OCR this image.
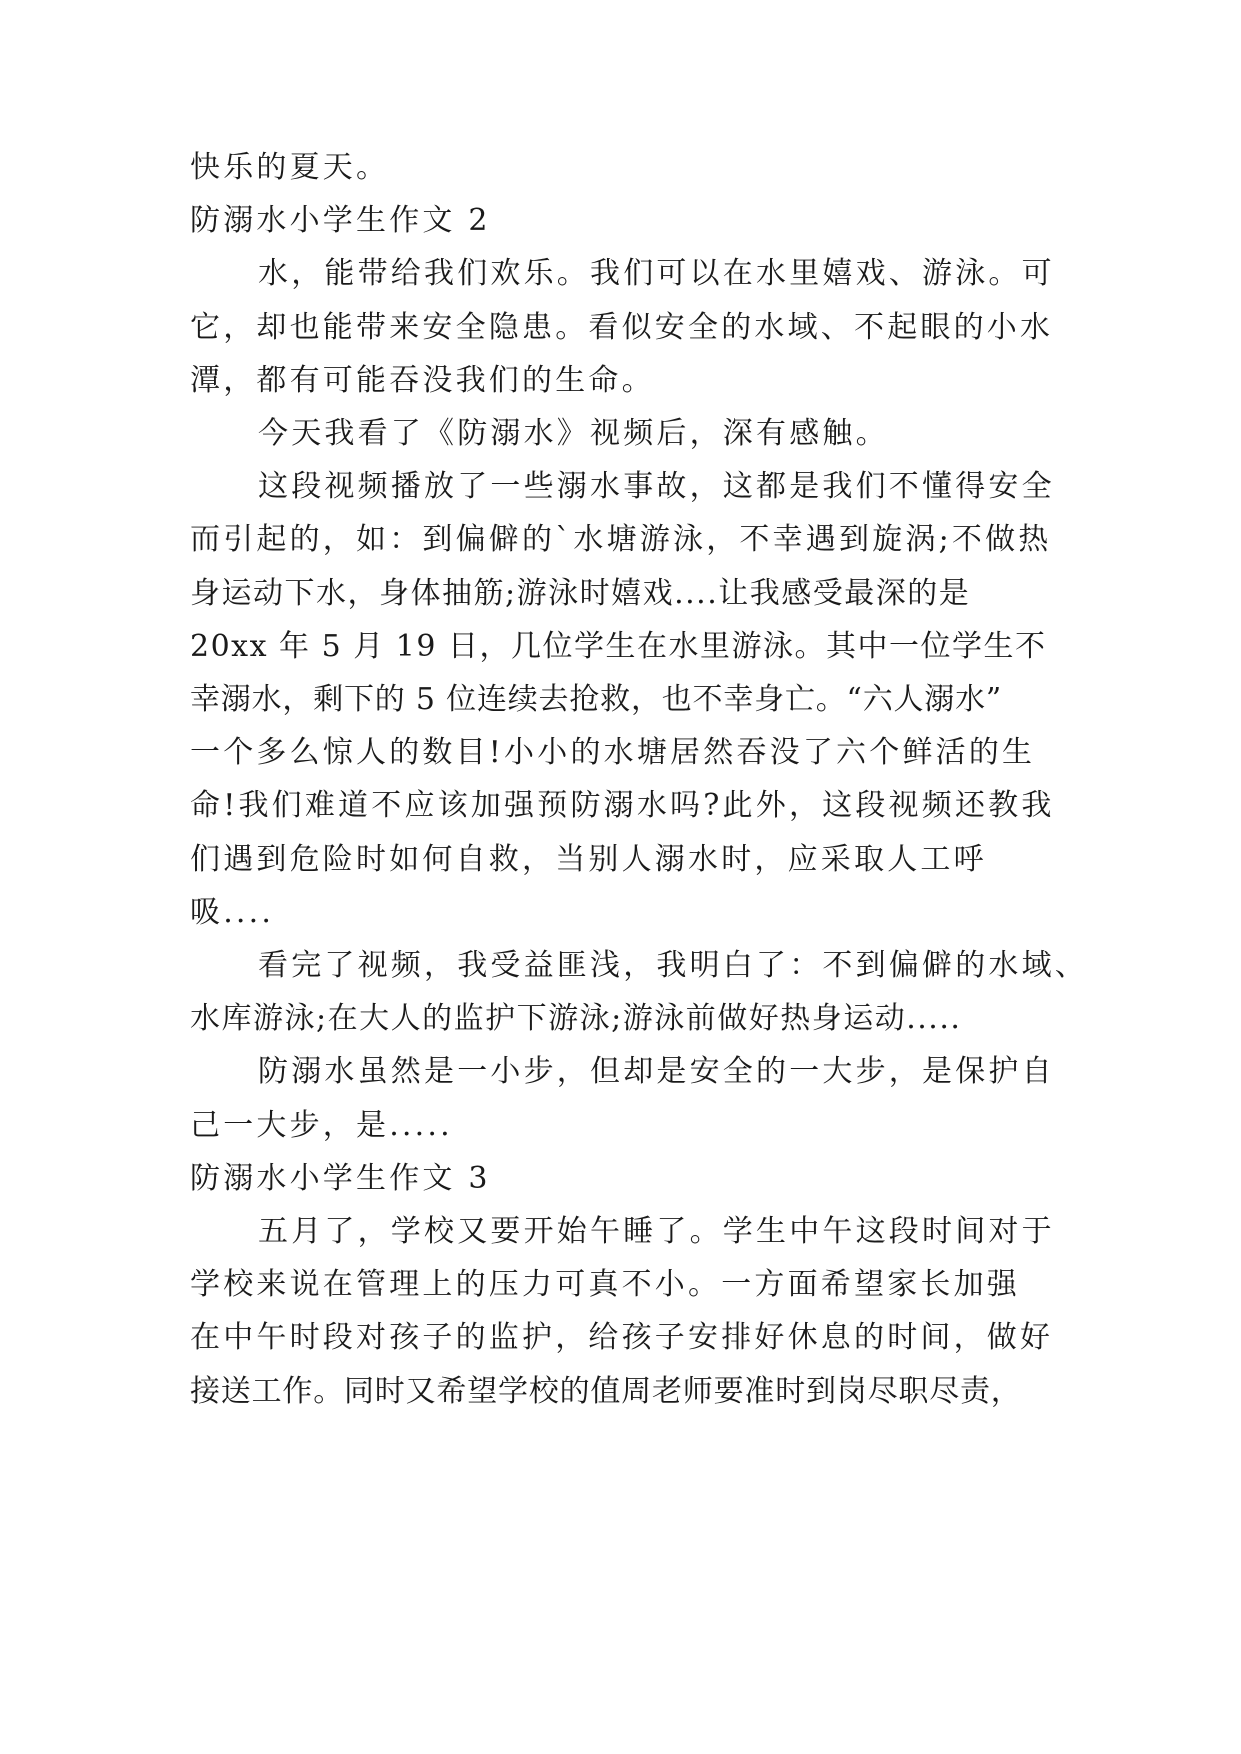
快乐的夏天。
防溺水小学生作文 2
水，能带给我们欢乐。我们可以在水里嬉戏、游泳。可
它，却也能带来安全隐患。看似安全的水域、不起眼的小水
潭，都有可能吞没我们的生命。
今天我看了《防溺水》视频后，深有感触。
这段视频播放了一些溺水事故，这都是我们不懂得安全
而引起的，如：到偏僻的`水塘游泳，不幸遇到旋涡;不做热
身运动下水，身体抽筋;游泳时嬉戏....让我感受最深的是
20xx 年 5 月 19 日，几位学生在水里游泳。其中一位学生不
幸溺水，剩下的 5 位连续去抢救，也不幸身亡。“六人溺水”
一个多么惊人的数目!小小的水塘居然吞没了六个鲜活的生
命!我们难道不应该加强预防溺水吗?此外，这段视频还教我
们遇到危险时如何自救，当别人溺水时，应采取人工呼
吸....
看完了视频，我受益匪浅，我明白了：不到偏僻的水域、
水库游泳;在大人的监护下游泳;游泳前做好热身运动.....
防溺水虽然是一小步，但却是安全的一大步，是保护自
己一大步，是.....
防溺水小学生作文 3
五月了，学校又要开始午睡了。学生中午这段时间对于
学校来说在管理上的压力可真不小。一方面希望家长加强
在中午时段对孩子的监护，给孩子安排好休息的时间，做好
接送工作。同时又希望学校的值周老师要准时到岗尽职尽责，
